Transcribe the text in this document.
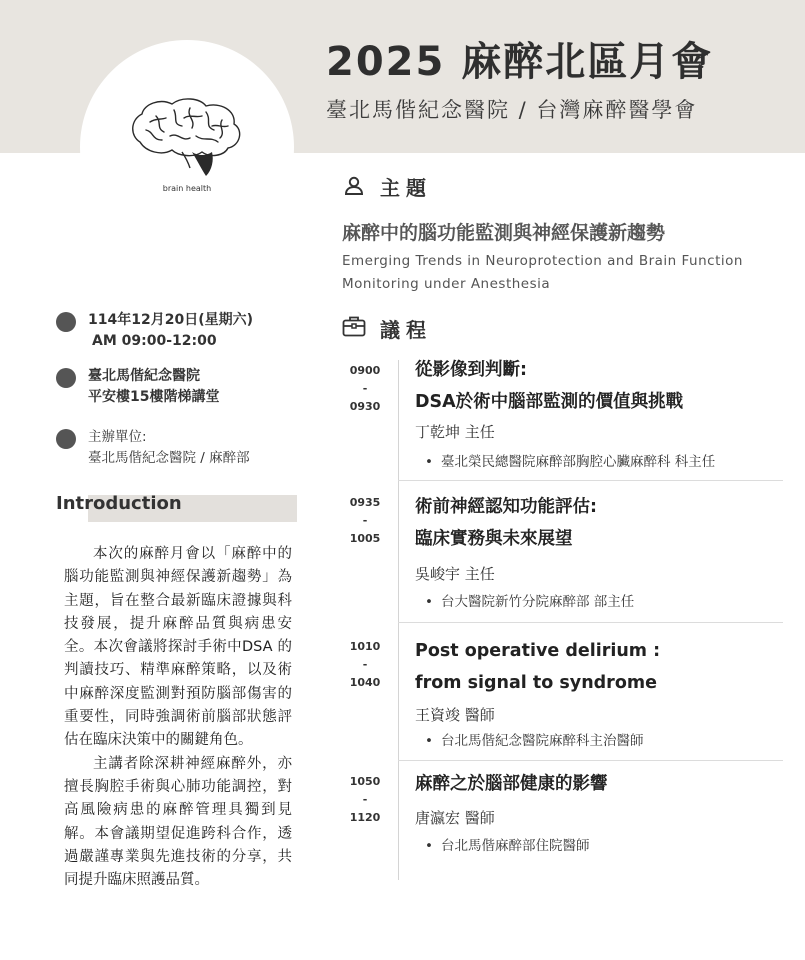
2025 麻醉北區月會
臺北馬偕紀念醫院 / 台灣麻醉醫學會
brain health
114年12月20日(星期六)
AM 09:00-12:00
臺北馬偕紀念醫院
平安樓15樓階梯講堂
主辦單位:
臺北馬偕紀念醫院 / 麻醉部
Introduction

本次的麻醉月會以「麻醉中的腦功能監測與神經保護新趨勢」為主題，旨在整合最新臨床證據與科技發展，提升麻醉品質與病患安全。本次會議將探討手術中DSA 的判讀技巧、精準麻醉策略，以及術中麻醉深度監測對預防腦部傷害的重要性，同時強調術前腦部狀態評估在臨床決策中的關鍵角色。

主講者除深耕神經麻醉外，亦擅長胸腔手術與心肺功能調控，對高風險病患的麻醉管理具獨到見解。本會議期望促進跨科合作，透過嚴謹專業與先進技術的分享，共同提升臨床照護品質。

主題
麻醉中的腦功能監測與神經保護新趨勢
Emerging Trends in Neuroprotection and Brain Function Monitoring under Anesthesia
議程
0900
-
0930
從影像到判斷:
DSA於術中腦部監測的價值與挑戰
丁乾坤 主任
• 臺北榮民總醫院麻醉部胸腔心臟麻醉科 科主任
0935
-
1005
術前神經認知功能評估:
臨床實務與未來展望
吳峻宇 主任
• 台大醫院新竹分院麻醉部 部主任
1010
-
1040
Post operative delirium :
from signal to syndrome
王資竣 醫師
• 台北馬偕紀念醫院麻醉科主治醫師
1050
-
1120
麻醉之於腦部健康的影響
唐瀛宏 醫師
• 台北馬偕麻醉部住院醫師
